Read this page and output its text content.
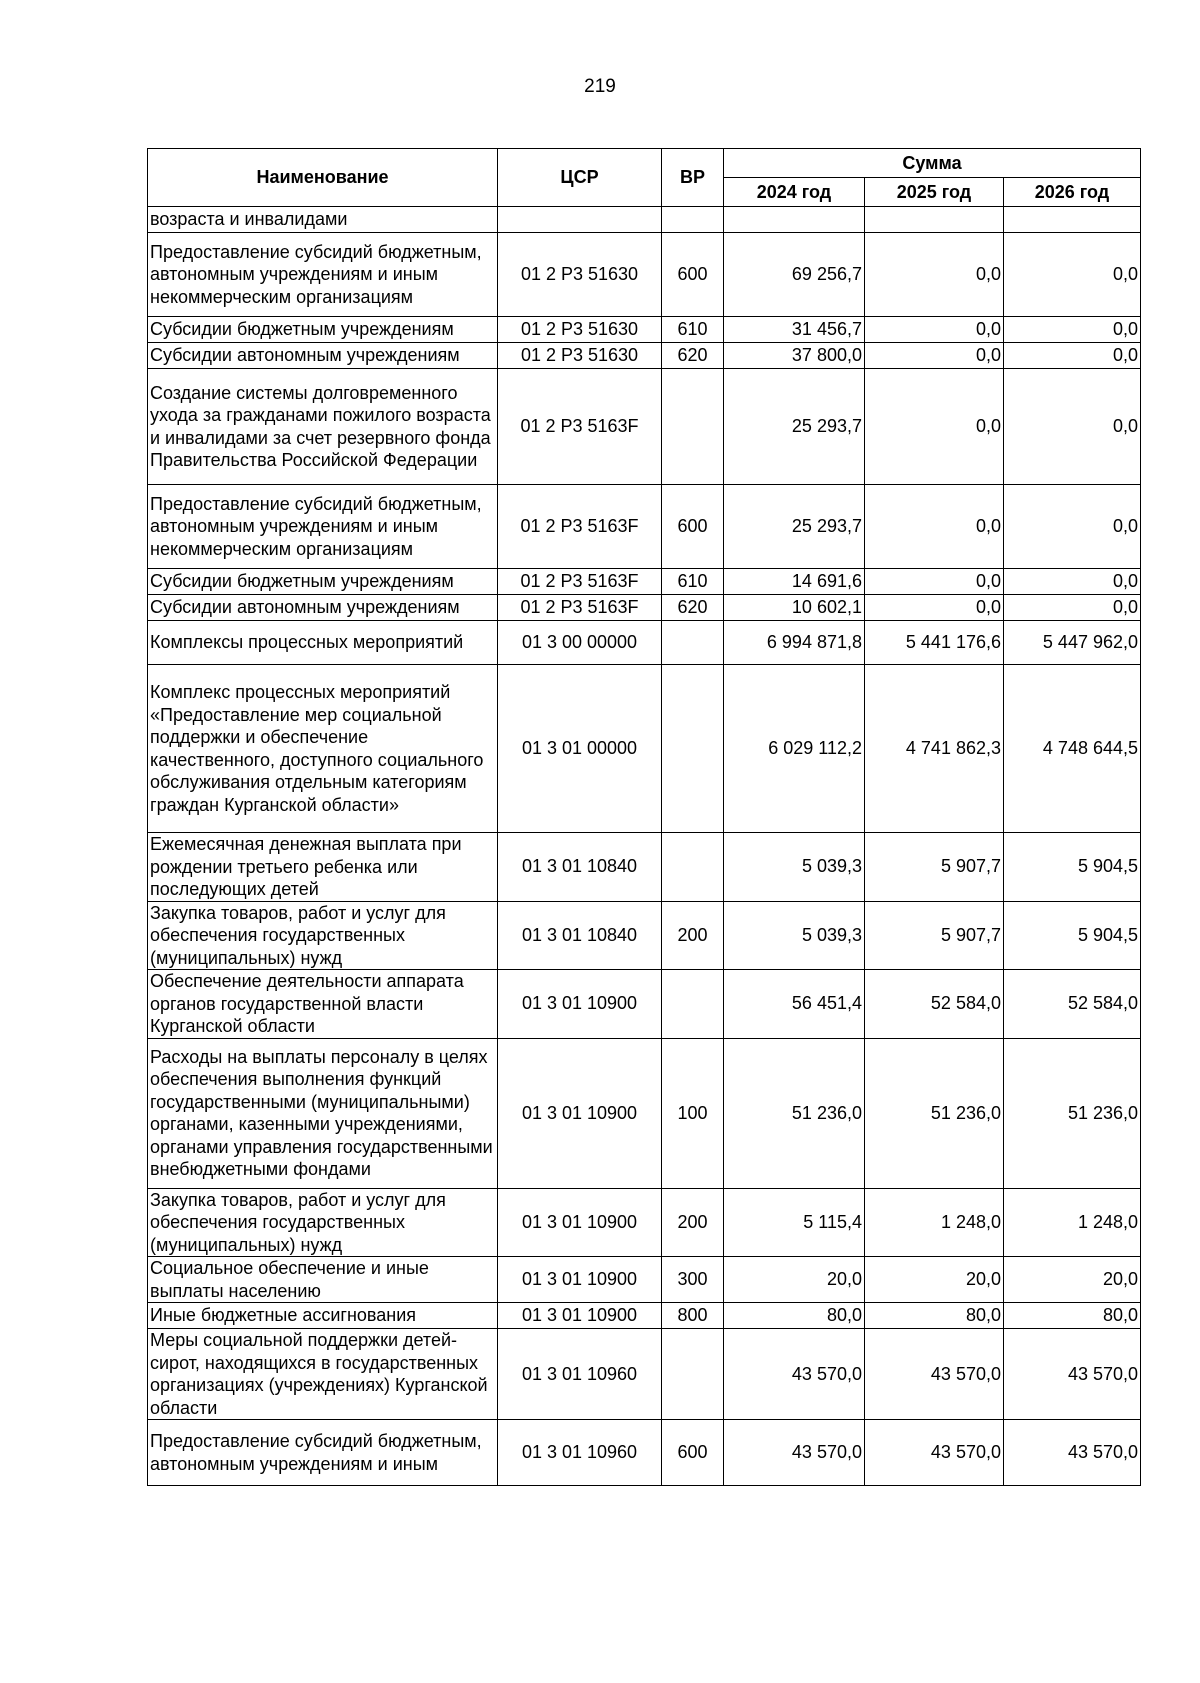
219
Наименование	ЦСР	ВР	Сумма		
			2024 год	2025 год	2026 год
возраста и инвалидами					
Предоставление субсидий бюджетным, автономным учреждениям и иным некоммерческим организациям	01 2 Р3 51630	600	69 256,7	0,0	0,0
Субсидии бюджетным учреждениям	01 2 Р3 51630	610	31 456,7	0,0	0,0
Субсидии автономным учреждениям	01 2 Р3 51630	620	37 800,0	0,0	0,0
Создание системы долговременного ухода за гражданами пожилого возраста и инвалидами за счет резервного фонда Правительства Российской Федерации	01 2 Р3 5163F		25 293,7	0,0	0,0
Предоставление субсидий бюджетным, автономным учреждениям и иным некоммерческим организациям	01 2 Р3 5163F	600	25 293,7	0,0	0,0
Субсидии бюджетным учреждениям	01 2 Р3 5163F	610	14 691,6	0,0	0,0
Субсидии автономным учреждениям	01 2 Р3 5163F	620	10 602,1	0,0	0,0
Комплексы процессных мероприятий	01 3 00 00000		6 994 871,8	5 441 176,6	5 447 962,0
Комплекс процессных мероприятий «Предоставление мер социальной поддержки и обеспечение качественного, доступного социального обслуживания отдельным категориям граждан Курганской области»	01 3 01 00000		6 029 112,2	4 741 862,3	4 748 644,5
Ежемесячная денежная выплата при рождении третьего ребенка или последующих детей	01 3 01 10840		5 039,3	5 907,7	5 904,5
Закупка товаров, работ и услуг для обеспечения государственных (муниципальных) нужд	01 3 01 10840	200	5 039,3	5 907,7	5 904,5
Обеспечение деятельности аппарата органов государственной власти Курганской области	01 3 01 10900		56 451,4	52 584,0	52 584,0
Расходы на выплаты персоналу в целях обеспечения выполнения функций государственными (муниципальными) органами, казенными учреждениями, органами управления государственными внебюджетными фондами	01 3 01 10900	100	51 236,0	51 236,0	51 236,0
Закупка товаров, работ и услуг для обеспечения государственных (муниципальных) нужд	01 3 01 10900	200	5 115,4	1 248,0	1 248,0
Социальное обеспечение и иные выплаты населению	01 3 01 10900	300	20,0	20,0	20,0
Иные бюджетные ассигнования	01 3 01 10900	800	80,0	80,0	80,0
Меры социальной поддержки детей-сирот, находящихся в государственных организациях (учреждениях) Курганской области	01 3 01 10960		43 570,0	43 570,0	43 570,0
Предоставление субсидий бюджетным, автономным учреждениям и иным	01 3 01 10960	600	43 570,0	43 570,0	43 570,0
